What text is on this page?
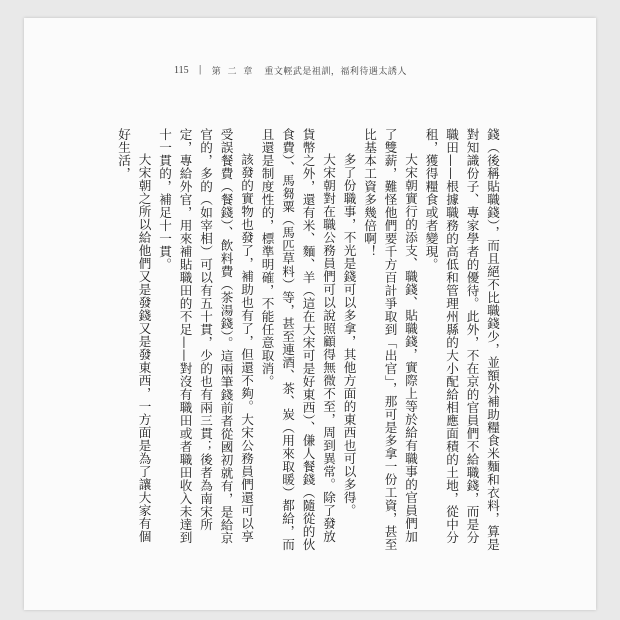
115 | 第 二 章 重文輕武是祖訓，福利待遇太誘人

錢（後稱貼職錢），而且絕不比職錢少，並額外補助糧食米麵和衣料，算是對知識份子、專家學者的優待。此外，不在京的官員們不給職錢，而是分職田——根據職務的高低和管理州縣的大小配給相應面積的土地，從中分租，獲得糧食或者變現。

大宋朝實行的添支、職錢、貼職錢，實際上等於給有職事的官員們加了雙薪，難怪他們要千方百計爭取到「出官」，那可是多拿一份工資，甚至比基本工資多幾倍啊！

多了份職事，不光是錢可以多拿，其他方面的東西也可以多得。

大宋朝對在職公務員們可以說照顧得無微不至，周到異常。除了發放貨幣之外，還有米、麵、羊（這在大宋可是好東西）、傔人餐錢（隨從的伙食費）、馬芻粟（馬匹草料）等，甚至連酒、茶、炭（用來取暖）都給，而且還是制度性的，標準明確，不能任意取消。

該發的實物也發了，補助也有了，但還不夠。大宋公務員們還可以享受誤餐費（餐錢）、飲料費（茶湯錢）。這兩筆錢前者從國初就有，是給京官的，多的（如宰相）可以有五十貫，少的也有兩三貫；後者為南宋所定，專給外官，用來補貼職田的不足——對沒有職田或者職田收入未達到十一貫的，補足十一貫。

大宋朝之所以給他們又是發錢又是發東西，一方面是為了讓大家有個好生活，
